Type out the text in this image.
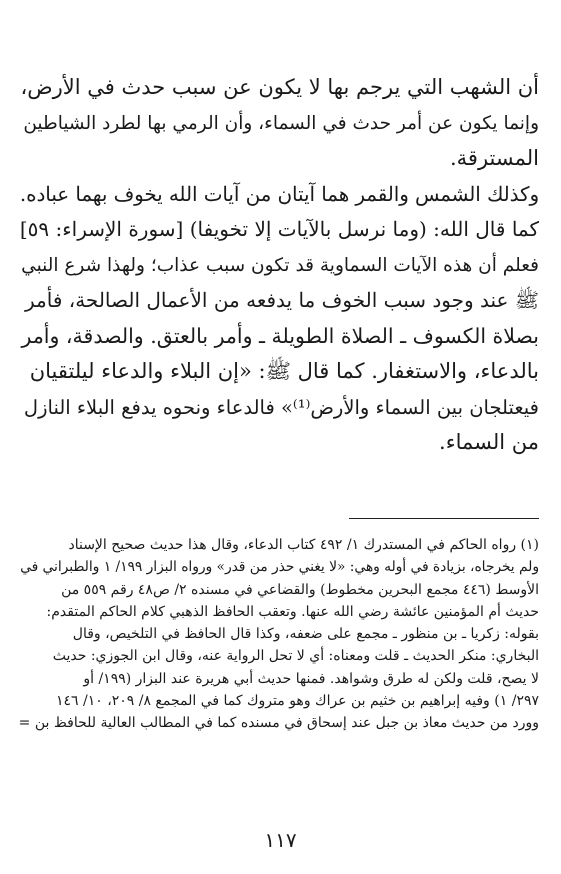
أن الشهب التي يرجم بها لا يكون عن سبب حدث في الأرض،
وإنما يكون عن أمر حدث في السماء، وأن الرمي بها لطرد الشياطين
المسترقة.
وكذلك الشمس والقمر هما آيتان من آيات الله يخوف بهما عباده.
كما قال الله: (وما نرسل بالآيات إلا تخويفا) [سورة الإسراء: ٥٩]
فعلم أن هذه الآيات السماوية قد تكون سبب عذاب؛ ولهذا شرع النبي
ﷺ عند وجود سبب الخوف ما يدفعه من الأعمال الصالحة، فأمر
بصلاة الكسوف ـ الصلاة الطويلة ـ وأمر بالعتق. والصدقة، وأمر
بالدعاء، والاستغفار. كما قال ﷺ: «إن البلاء والدعاء ليلتقيان
فيعتلجان بين السماء والأرض⁽¹⁾» فالدعاء ونحوه يدفع البلاء النازل
من السماء.
(١) رواه الحاكم في المستدرك ١/ ٤٩٢ كتاب الدعاء، وقال هذا حديث صحيح الإسناد
ولم يخرجاه، بزيادة في أوله وهي: «لا يغني حذر من قدر» ورواه البزار ١٩٩/ ١ والطبراني في
الأوسط (٤٤٦ مجمع البحرين مخطوط) والقضاعي في مسنده ٢/ ص٤٨ رقم ٥٥٩ من
حديث أم المؤمنين عائشة رضي الله عنها. وتعقب الحافظ الذهبي كلام الحاكم المتقدم:
بقوله: زكريا ـ بن منظور ـ مجمع على ضعفه، وكذا قال الحافظ في التلخيص، وقال
البخاري: منكر الحديث ـ قلت ومعناه: أي لا تحل الرواية عنه، وقال ابن الجوزي: حديث
لا يصح، قلت ولكن له طرق وشواهد. فمنها حديث أبي هريرة عند البزار (١٩٩/ أو
٢٩٧/ ١) وفيه إبراهيم بن خثيم بن عراك وهو متروك كما في المجمع ٨/ ٢٠٩، ١٠/ ١٤٦
وورد من حديث معاذ بن جبل عند إسحاق في مسنده كما في المطالب العالية للحافظ بن =
١١٧
